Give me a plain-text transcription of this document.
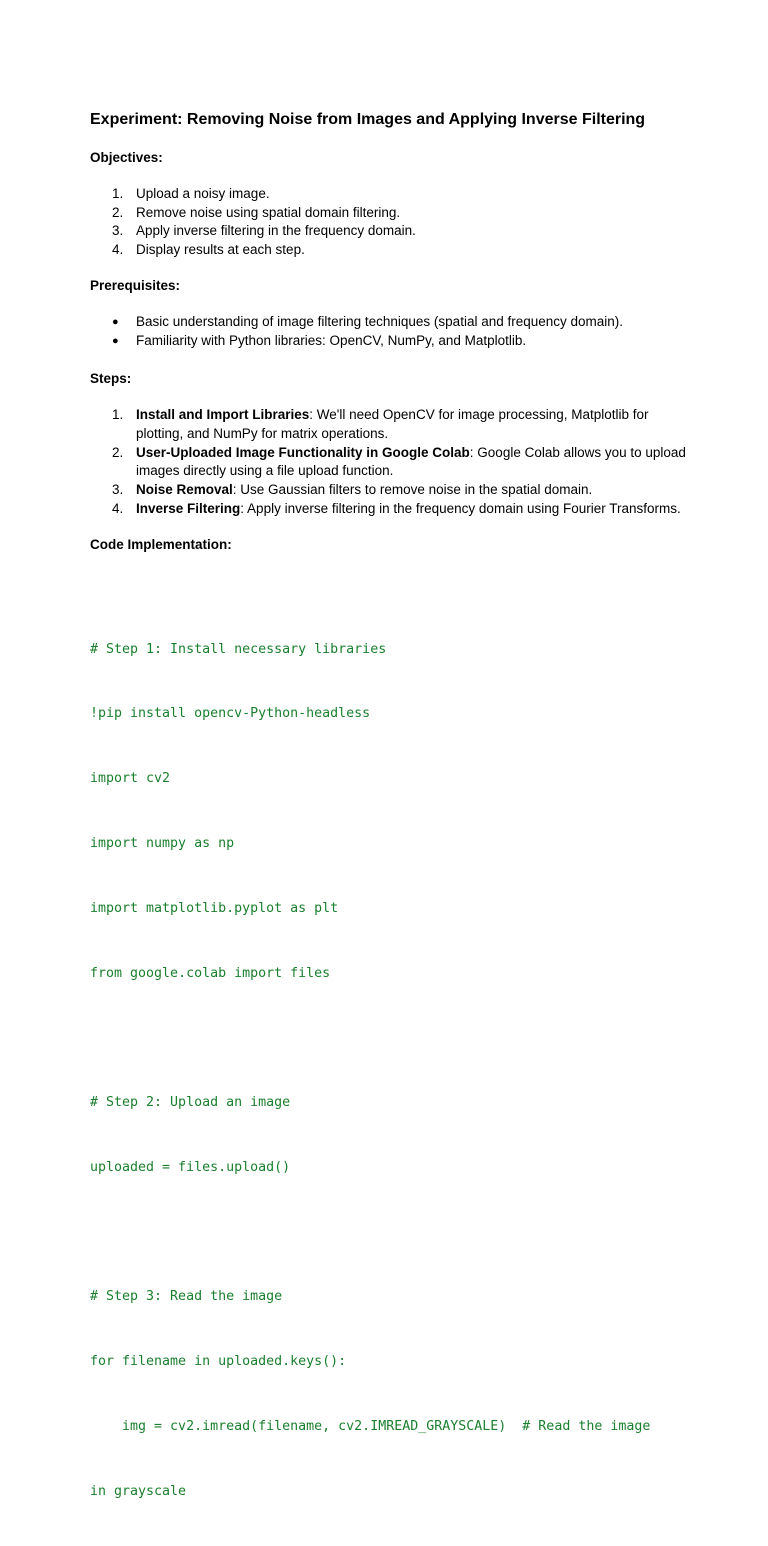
Experiment: Removing Noise from Images and Applying Inverse Filtering
Objectives:
1. Upload a noisy image.
2. Remove noise using spatial domain filtering.
3. Apply inverse filtering in the frequency domain.
4. Display results at each step.
Prerequisites:
● Basic understanding of image filtering techniques (spatial and frequency domain).
● Familiarity with Python libraries: OpenCV, NumPy, and Matplotlib.
Steps:
1. Install and Import Libraries: We'll need OpenCV for image processing, Matplotlib for plotting, and NumPy for matrix operations.
2. User-Uploaded Image Functionality in Google Colab: Google Colab allows you to upload images directly using a file upload function.
3. Noise Removal: Use Gaussian filters to remove noise in the spatial domain.
4. Inverse Filtering: Apply inverse filtering in the frequency domain using Fourier Transforms.
Code Implementation:

# Step 1: Install necessary libraries

!pip install opencv-Python-headless

import cv2

import numpy as np

import matplotlib.pyplot as plt

from google.colab import files

# Step 2: Upload an image

uploaded = files.upload()

# Step 3: Read the image

for filename in uploaded.keys():

img = cv2.imread(filename, cv2.IMREAD_GRAYSCALE)  # Read the image

in grayscale
